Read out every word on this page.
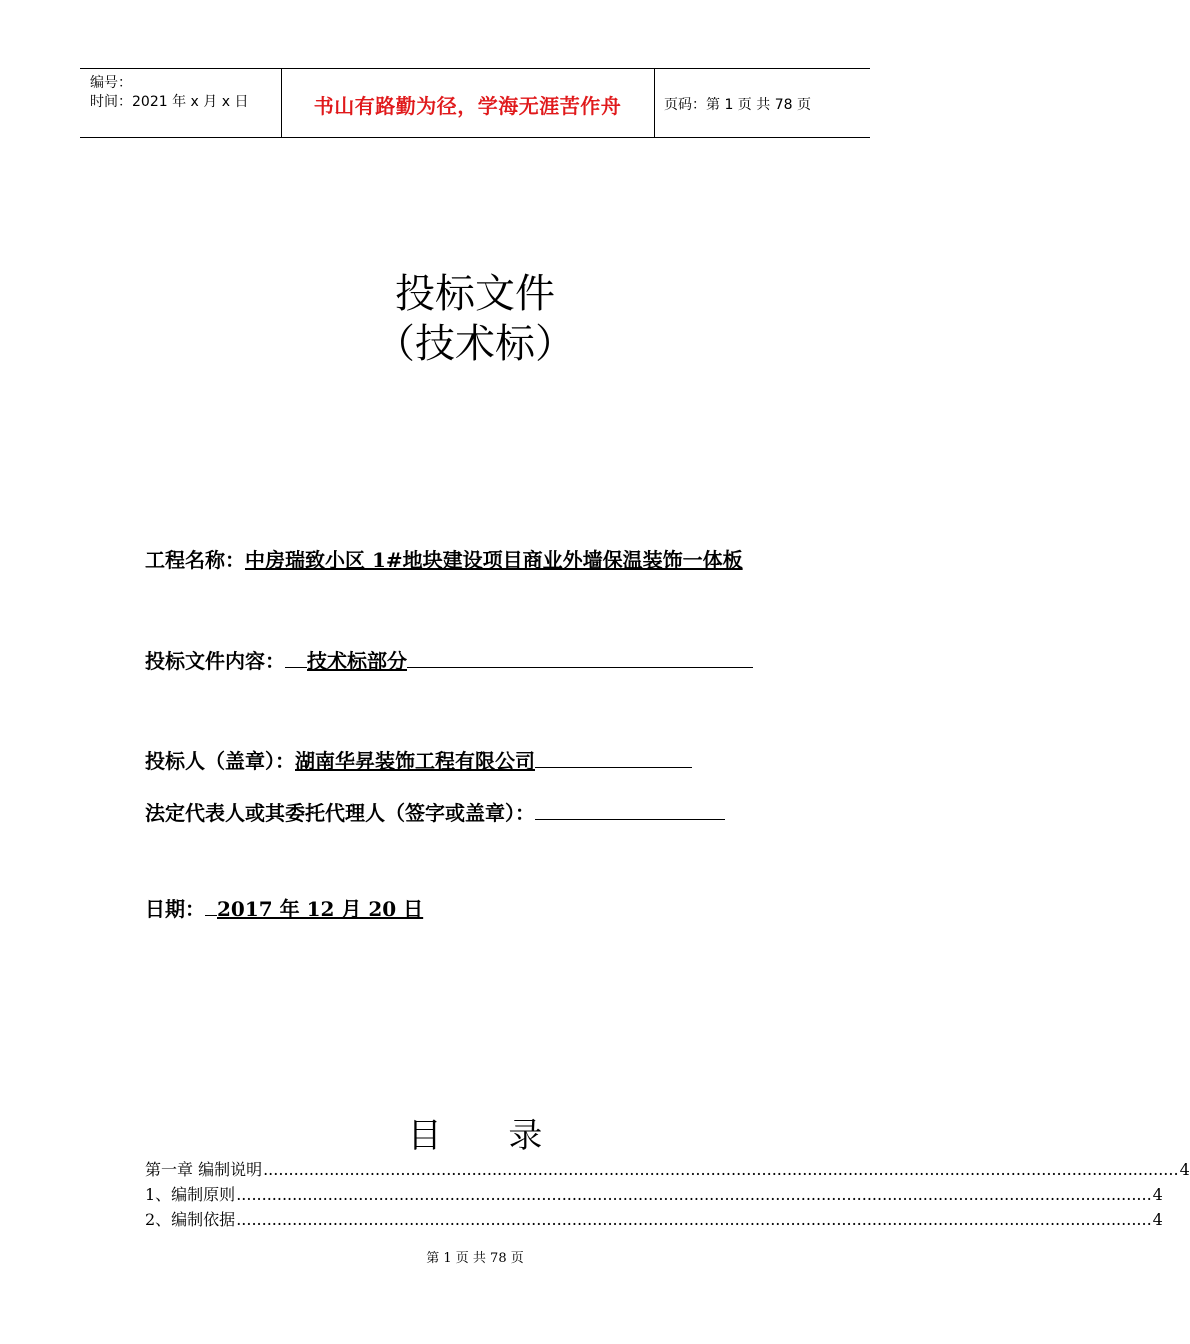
编号：
时间：2021 年 x 月 x 日	书山有路勤为径，学海无涯苦作舟	页码：第 1 页 共 78 页
投标文件
（技术标）
工程名称：中房瑞致小区 1#地块建设项目商业外墙保温装饰一体板
投标文件内容： 技术标部分
投标人（盖章）：湖南华昇装饰工程有限公司
法定代表人或其委托代理人（签字或盖章）：
日期： 2017 年 12 月 20 日
目 录
第一章 编制说明 .................................................................................................................................................................................... 4
1、编制原则 .................................................................................................................................................................................... 4
2、编制依据 .................................................................................................................................................................................... 4
第 1 页 共 78 页
